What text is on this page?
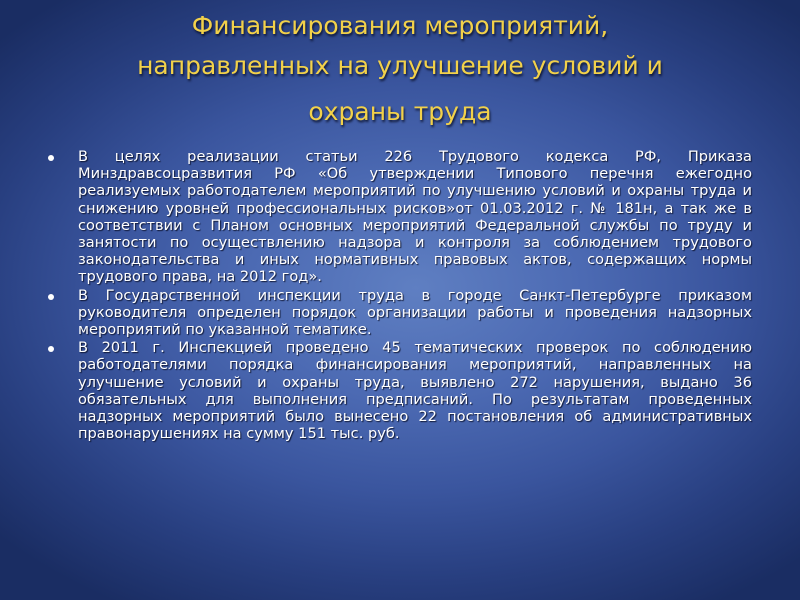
Финансирования мероприятий,
направленных на улучшение условий и

охраны труда
В целях реализации статьи 226 Трудового кодекса РФ, Приказа Минздравсоцразвития РФ «Об утверждении Типового перечня ежегодно реализуемых работодателем мероприятий по улучшению условий и охраны труда и снижению уровней профессиональных рисков»от 01.03.2012 г. № 181н, а так же в соответствии с Планом основных мероприятий Федеральной службы по труду и занятости по осуществлению надзора и контроля за соблюдением трудового законодательства и иных нормативных правовых актов, содержащих нормы трудового права, на 2012 год».
В Государственной инспекции труда в городе Санкт-Петербурге приказом руководителя определен порядок организации работы и проведения надзорных мероприятий по указанной тематике.
В 2011 г. Инспекцией проведено 45 тематических проверок по соблюдению работодателями порядка финансирования мероприятий, направленных на улучшение условий и охраны труда, выявлено 272 нарушения, выдано 36 обязательных для выполнения предписаний. По результатам проведенных надзорных мероприятий было вынесено 22 постановления об административных правонарушениях на сумму 151 тыс. руб.
